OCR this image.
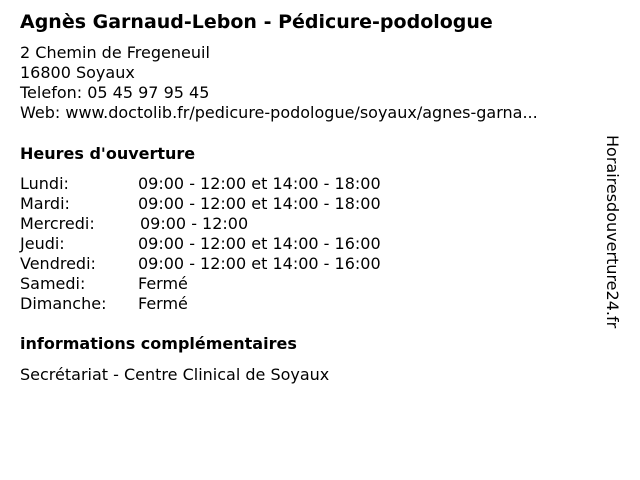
Agnès Garnaud-Lebon - Pédicure-podologue
2 Chemin de Fregeneuil
16800 Soyaux
Telefon: 05 45 97 95 45
Web: www.doctolib.fr/pedicure-podologue/soyaux/agnes-garna...
Heures d'ouverture
Lundi:	09:00 - 12:00 et 14:00 - 18:00
Mardi:	09:00 - 12:00 et 14:00 - 18:00
Mercredi:	09:00 - 12:00
Jeudi:	09:00 - 12:00 et 14:00 - 16:00
Vendredi:	09:00 - 12:00 et 14:00 - 16:00
Samedi:	Fermé
Dimanche: Fermé
informations complémentaires
Secrétariat - Centre Clinical de Soyaux
Horairesdouverture24.fr
